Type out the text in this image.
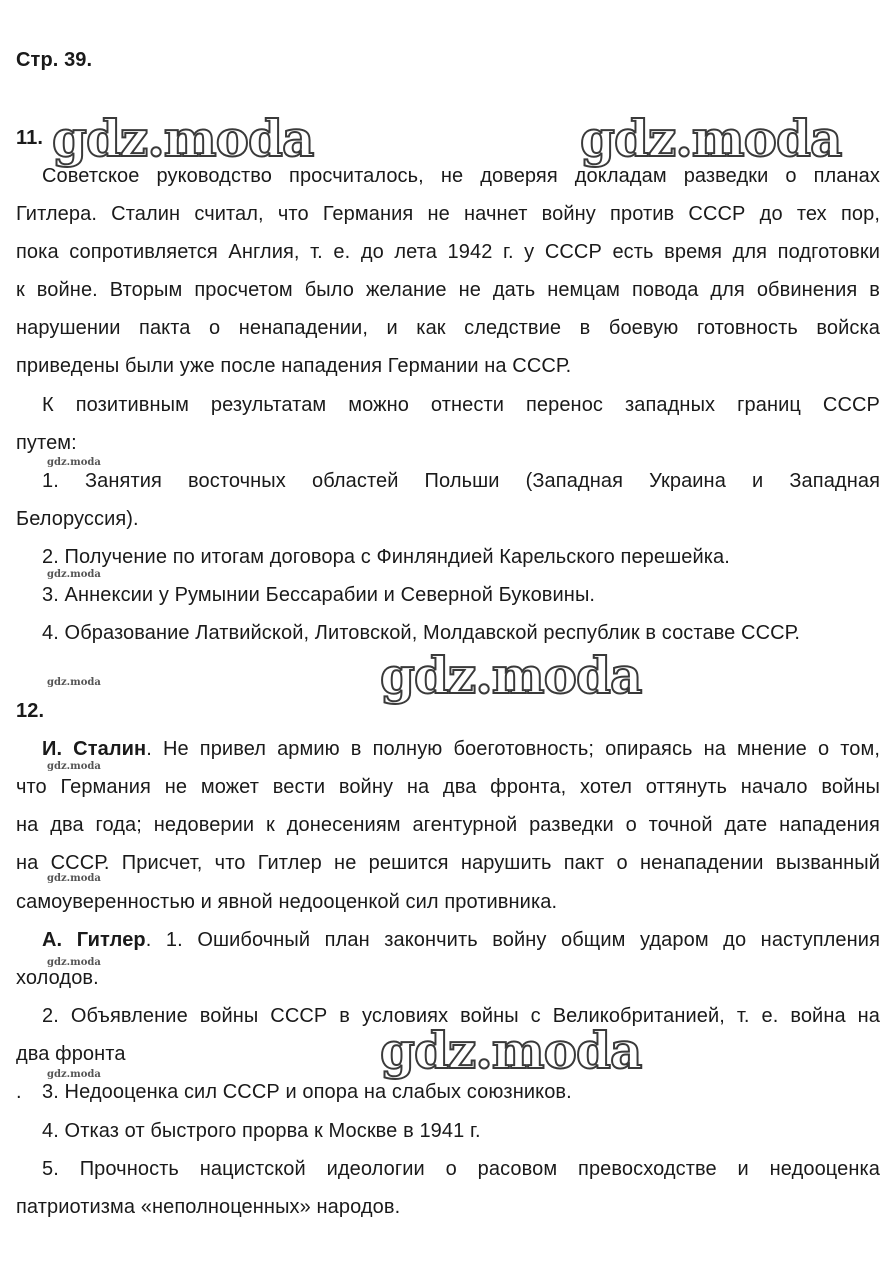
gdz.moda	gdz.moda
gdz.moda
gdz.moda
gdz.moda
gdz.moda
gdz.moda
gdz.moda
gdz.moda
gdz.moda
gdz.moda
Стр. 39.
11.
Советское руководство просчиталось, не доверяя докладам разведки о планах
Гитлера. Сталин считал, что Германия не начнет войну против СССР до тех пор,
пока сопротивляется Англия, т. е. до лета 1942 г. у СССР есть время для подготовки
к войне. Вторым просчетом было желание не дать немцам повода для обвинения в
нарушении пакта о ненападении, и как следствие в боевую готовность войска
приведены были уже после нападения Германии на СССР.
К позитивным результатам можно отнести перенос западных границ СССР
путем:
1. Занятия восточных областей Польши (Западная Украина и Западная
Белоруссия).
2. Получение по итогам договора с Финляндией Карельского перешейка.
3. Аннексии у Румынии Бессарабии и Северной Буковины.
4. Образование Латвийской, Литовской, Молдавской республик в составе СССР.
12.
И. Сталин. Не привел армию в полную боеготовность; опираясь на мнение о том,
что Германия не может вести войну на два фронта, хотел оттянуть начало войны
на два года; недоверии к донесениям агентурной разведки о точной дате нападения
на СССР. Присчет, что Гитлер не решится нарушить пакт о ненападении вызванный
самоуверенностью и явной недооценкой сил противника.
А. Гитлер. 1. Ошибочный план закончить войну общим ударом до наступления
холодов.
2. Объявление войны СССР в условиях войны с Великобританией, т. е. война на
два фронта
.	3. Недооценка сил СССР и опора на слабых союзников.
4. Отказ от быстрого прорва к Москве в 1941 г.
5. Прочность нацистской идеологии о расовом превосходстве и недооценка
патриотизма «неполноценных» народов.
